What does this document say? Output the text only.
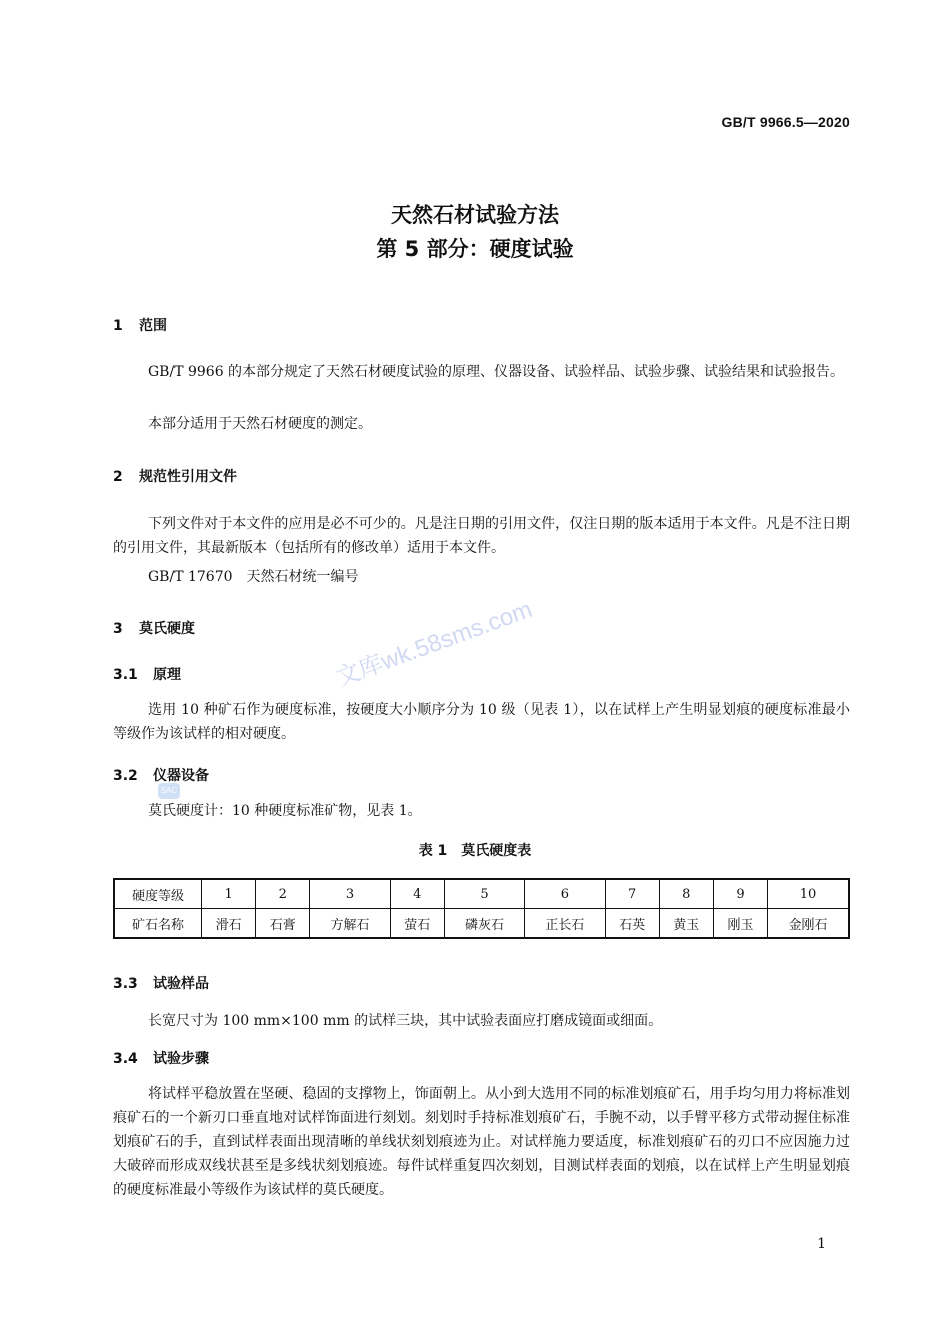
GB/T 9966.5—2020
天然石材试验方法
第 5 部分：硬度试验
1 范围
GB/T 9966 的本部分规定了天然石材硬度试验的原理、仪器设备、试验样品、试验步骤、试验结果和试验报告。
本部分适用于天然石材硬度的测定。
2 规范性引用文件
下列文件对于本文件的应用是必不可少的。凡是注日期的引用文件，仅注日期的版本适用于本文件。凡是不注日期的引用文件，其最新版本（包括所有的修改单）适用于本文件。
GB/T 17670　天然石材统一编号
3 莫氏硬度
3.1 原理
选用 10 种矿石作为硬度标准，按硬度大小顺序分为 10 级（见表 1），以在试样上产生明显划痕的硬度标准最小等级作为该试样的相对硬度。
3.2 仪器设备
SAC
莫氏硬度计：10 种硬度标准矿物，见表 1。
表 1　莫氏硬度表
硬度等级	1	2	3	4	5	6	7	8	9	10
矿石名称	滑石	石膏	方解石	萤石	磷灰石	正长石	石英	黄玉	刚玉	金刚石
3.3 试验样品
长宽尺寸为 100 mm×100 mm 的试样三块，其中试验表面应打磨成镜面或细面。
3.4 试验步骤
将试样平稳放置在坚硬、稳固的支撑物上，饰面朝上。从小到大选用不同的标准划痕矿石，用手均匀用力将标准划痕矿石的一个新刃口垂直地对试样饰面进行刻划。刻划时手持标准划痕矿石，手腕不动，以手臂平移方式带动握住标准划痕矿石的手，直到试样表面出现清晰的单线状刻划痕迹为止。对试样施力要适度，标准划痕矿石的刃口不应因施力过大破碎而形成双线状甚至是多线状刻划痕迹。每件试样重复四次刻划，目测试样表面的划痕，以在试样上产生明显划痕的硬度标准最小等级作为该试样的莫氏硬度。
文库wk.58sms.com
1
